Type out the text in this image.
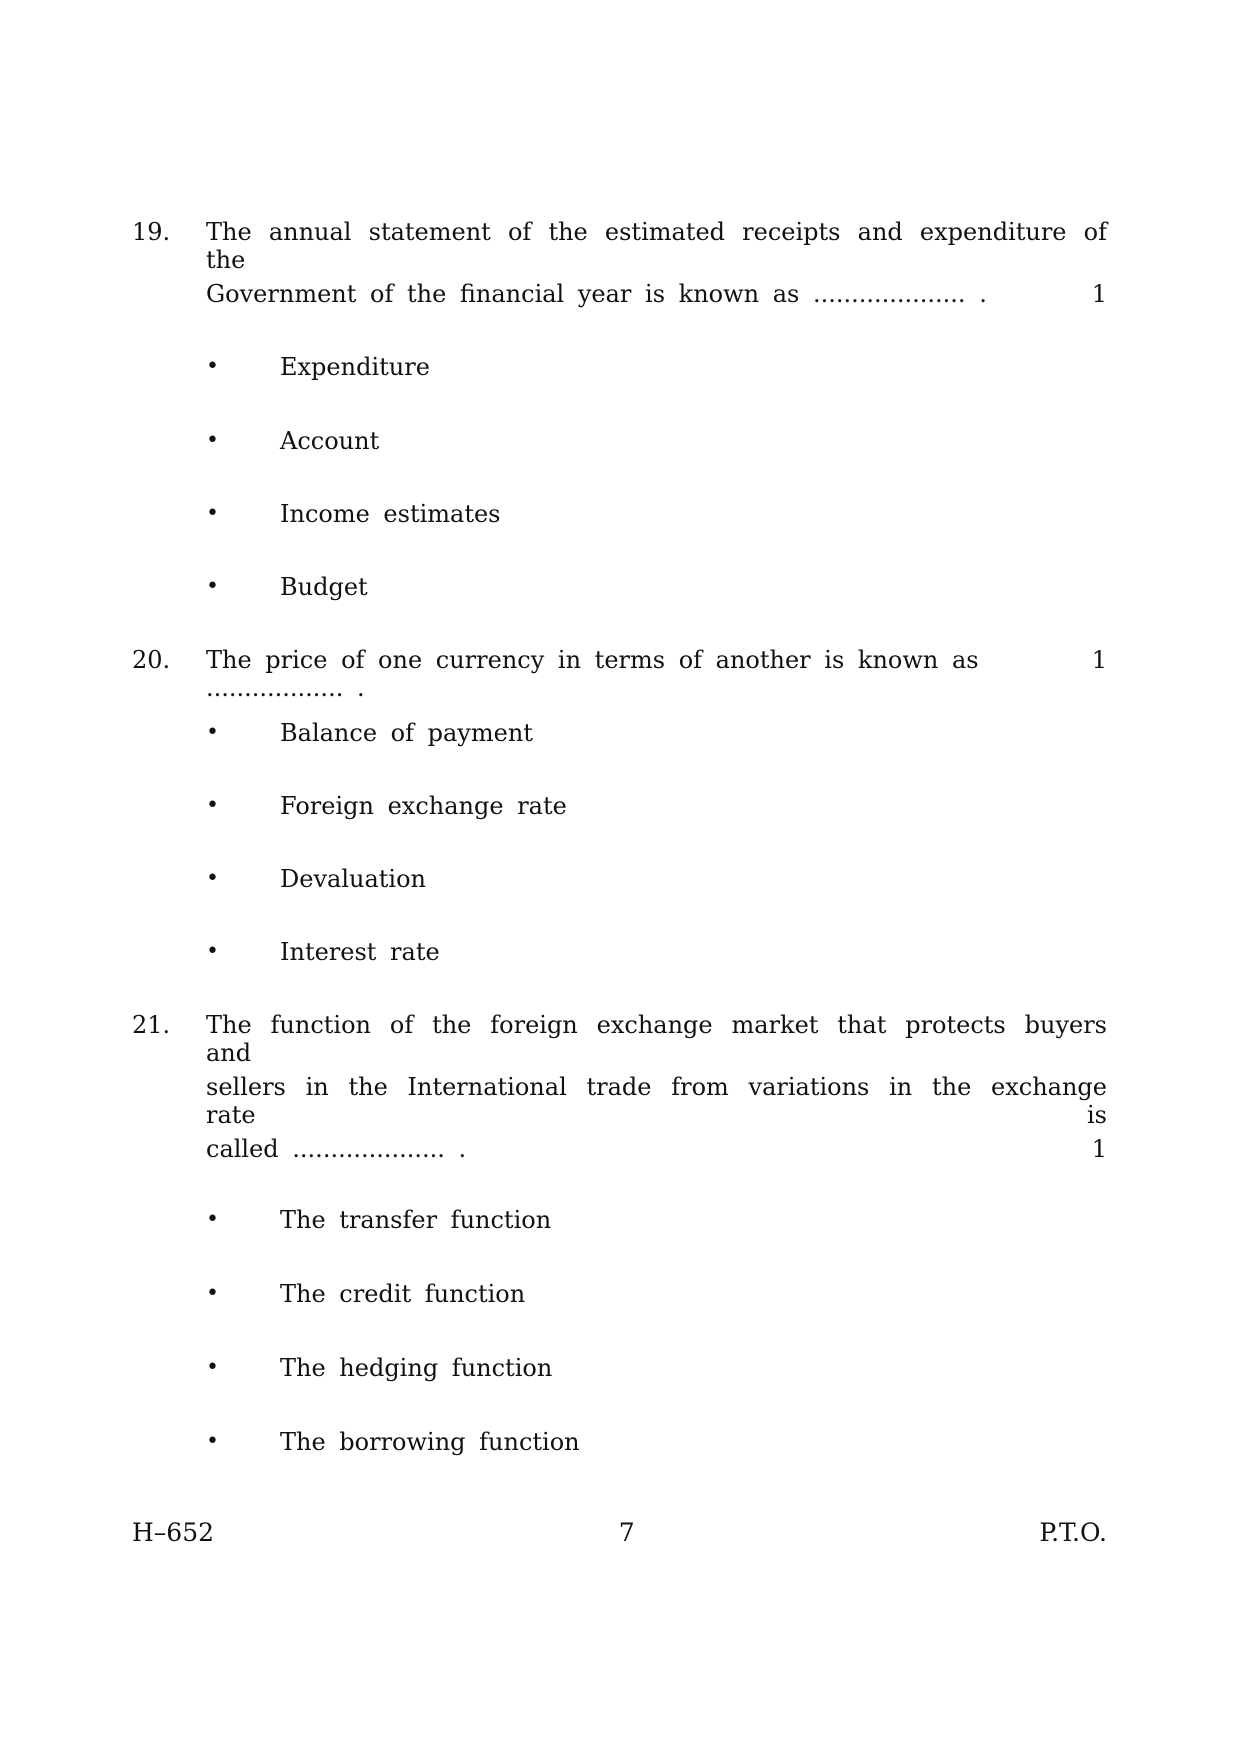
19. The annual statement of the estimated receipts and expenditure of the
Government of the financial year is known as .................... .	1
•	Expenditure
•	Account
•	Income estimates
•	Budget
20. The price of one currency in terms of another is known as .................. .
1
•	Balance of payment
•	Foreign exchange rate
•	Devaluation
•	Interest rate
21. The function of the foreign exchange market that protects buyers and
sellers in the International trade from variations in the exchange rate is
called .................... .	1
•	The transfer function
•	The credit function
•	The hedging function
•	The borrowing function
H–652	7	P.T.O.
